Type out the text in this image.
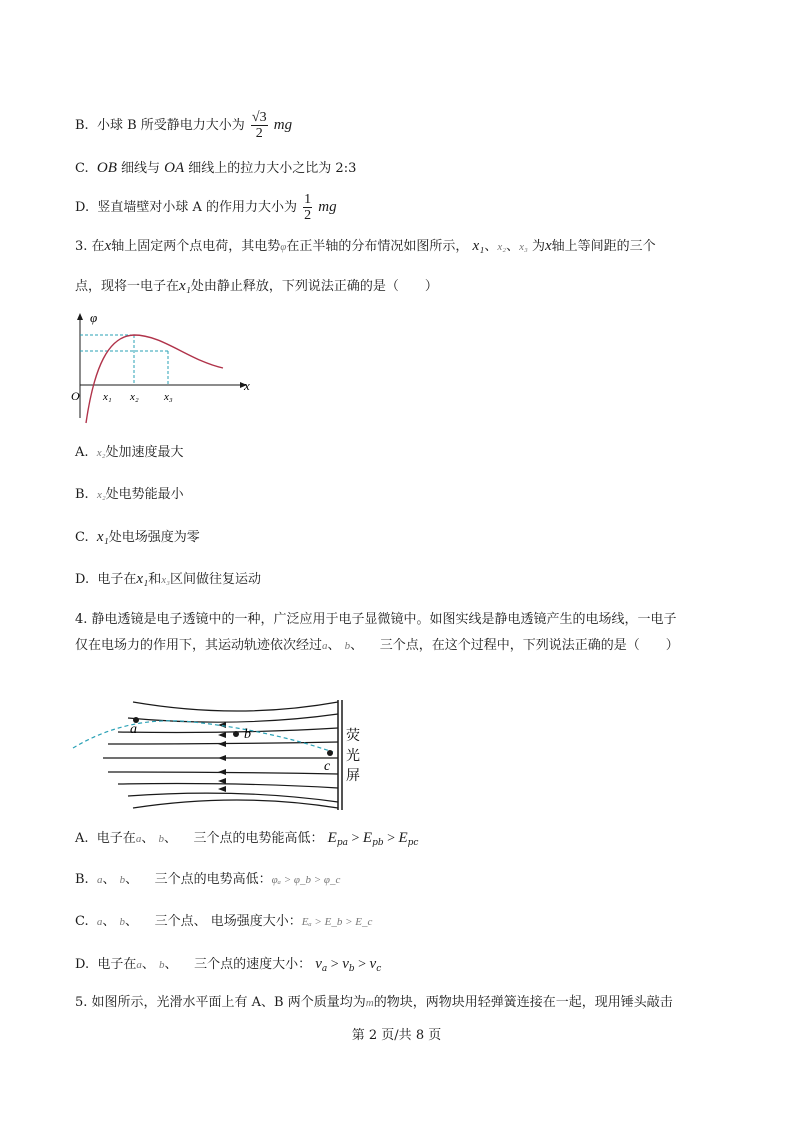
B. 小球 B 所受静电力大小为 $\frac{√3}{2}$ mg
C. OB 细线与 OA 细线上的拉力大小之比为 2:3
D. 竖直墙壁对小球 A 的作用力大小为 $\frac{1}{2}$ mg
3. 在x轴上固定两个点电荷，其电势φ在正半轴的分布情况如图所示， x₁、x₂、x₃ 为x轴上等间距的三个
点，现将一电子在x₁处由静止释放，下列说法正确的是（　　）
φ
x
O x₁ x₂ x₃
A. x₂处加速度最大
B. x₂处电势能最小
C. x₁处电场强度为零
D. 电子在x₁和x₃区间做往复运动
4. 静电透镜是电子透镜中的一种，广泛应用于电子显微镜中。如图实线是静电透镜产生的电场线，一电子
仅在电场力的作用下，其运动轨迹依次经过a、 b、 三个点，在这个过程中，下列说法正确的是（　　）
a	b
c
荧
光
屏
A. 电子在a、 b、 三个点的电势能高低： $E_{pa} > E_{pb} > E_{pc}$
B. a、 b、 三个点的电势高低：φₐ > φ_b > φ_c
C. a、 b、 三个点、 电场强度大小：Eₐ > E_b > E_c
D. 电子在a、 b、 三个点的速度大小： $v_a > v_b > v_c$
5. 如图所示，光滑水平面上有 A、B 两个质量均为m的物块，两物块用轻弹簧连接在一起，现用锤头敲击
第 2 页/共 8 页
